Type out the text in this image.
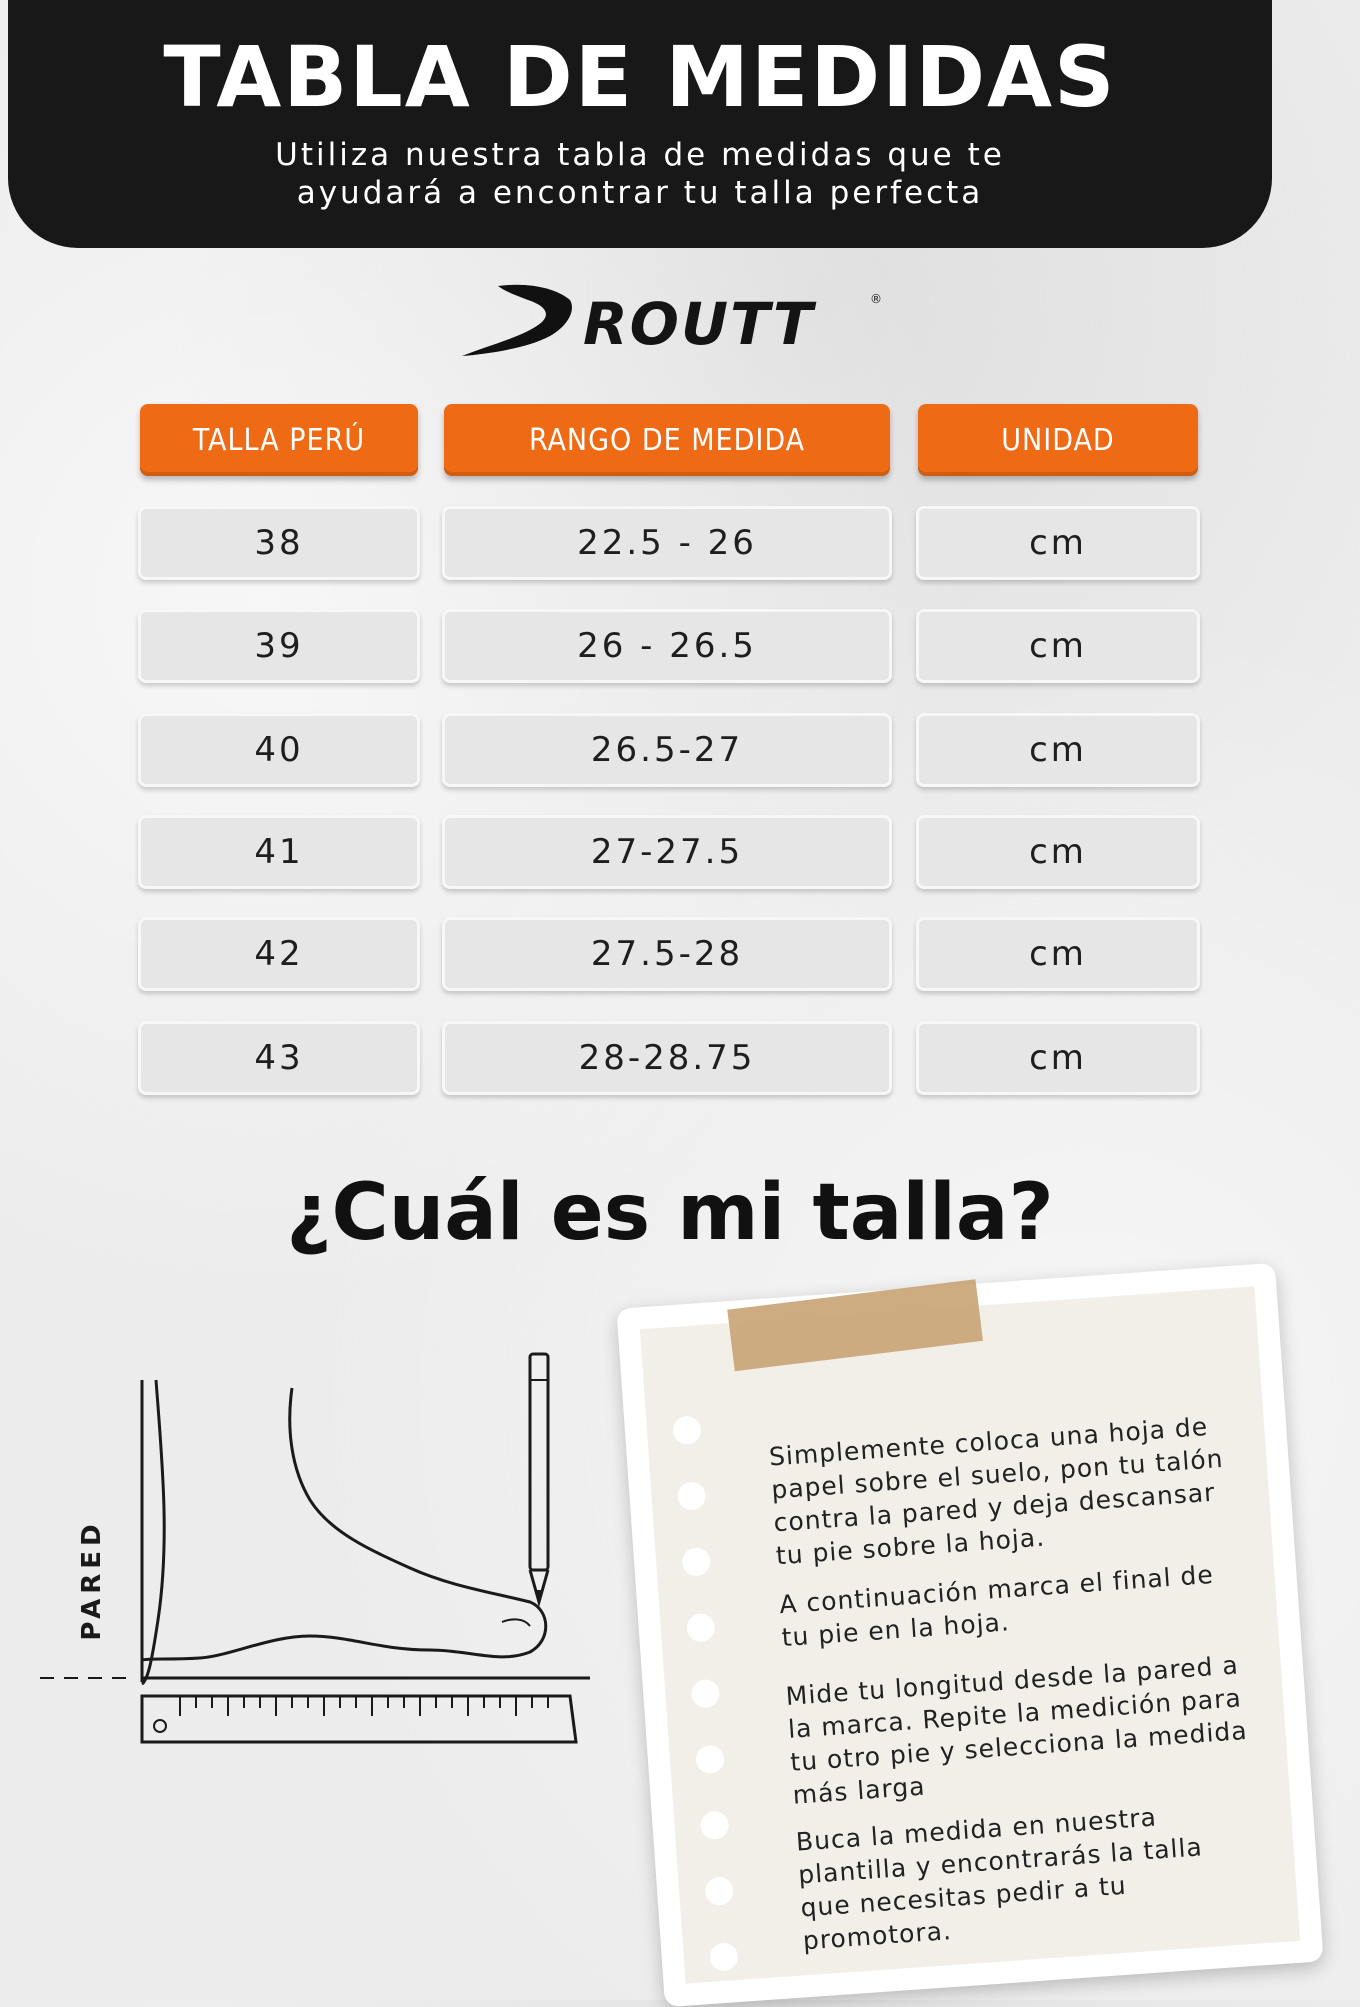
TABLA DE MEDIDAS
Utiliza nuestra tabla de medidas que te
ayudará a encontrar tu talla perfecta
ROUTT	®
TALLA PERÚ	RANGO DE MEDIDA	UNIDAD
38	22.5 - 26	cm
39	26 - 26.5	cm
40	26.5-27	cm
41	27-27.5	cm
42	27.5-28	cm
43	28-28.75	cm
¿Cuál es mi talla?
PARED
Simplemente coloca una hoja de papel sobre el suelo, pon tu talón contra la pared y deja descansar tu pie sobre la hoja.
A continuación marca el final de tu pie en la hoja.
Mide tu longitud desde la pared a la marca. Repite la medición para tu otro pie y selecciona la medida más larga
Buca la medida en nuestra plantilla y encontrarás la talla que necesitas pedir a tu promotora.
